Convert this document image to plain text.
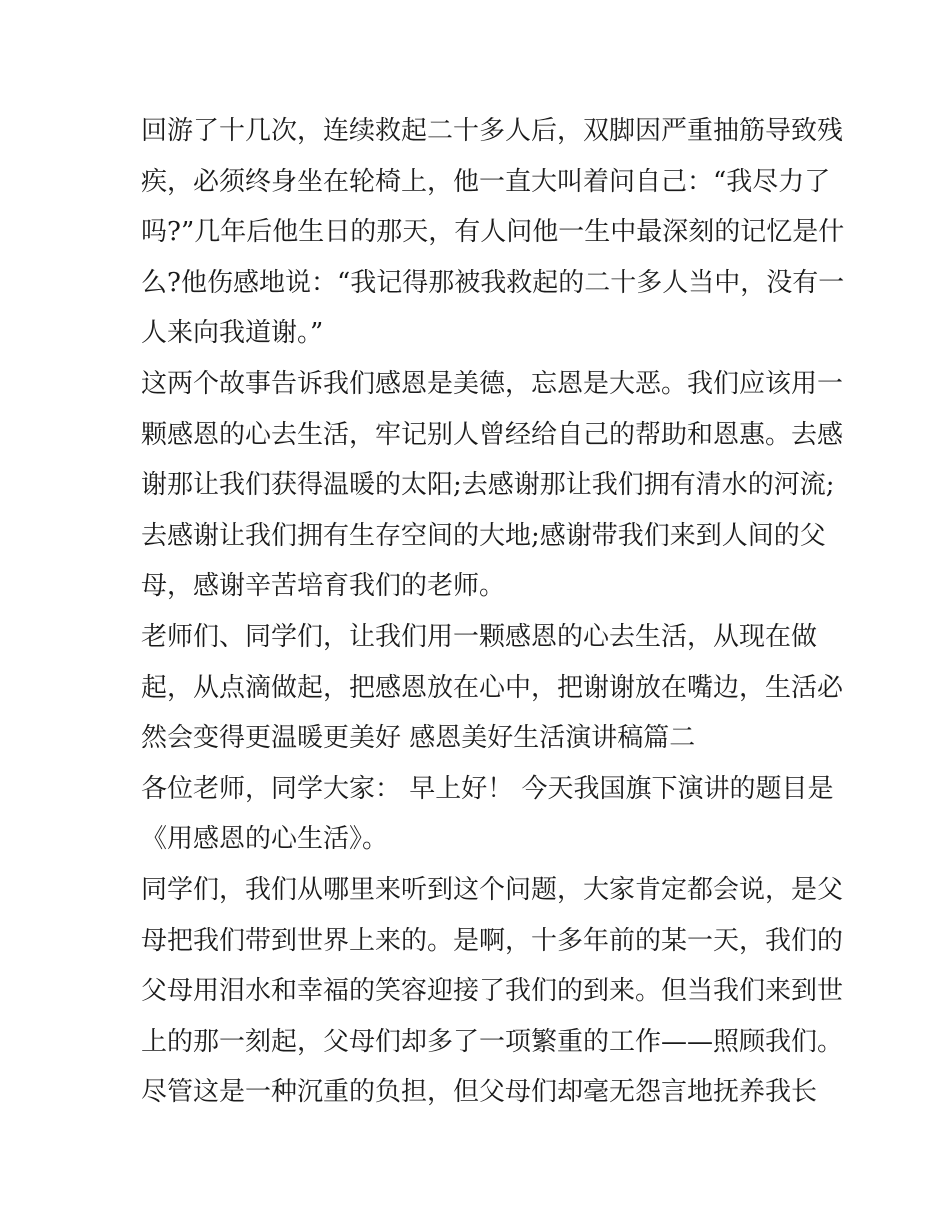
回游了十几次，连续救起二十多人后，双脚因严重抽筋导致残
疾，必须终身坐在轮椅上，他一直大叫着问自己：“我尽力了
吗?”几年后他生日的那天，有人问他一生中最深刻的记忆是什
么?他伤感地说：“我记得那被我救起的二十多人当中，没有一
人来向我道谢。”
这两个故事告诉我们感恩是美德，忘恩是大恶。我们应该用一
颗感恩的心去生活，牢记别人曾经给自己的帮助和恩惠。去感
谢那让我们获得温暖的太阳;去感谢那让我们拥有清水的河流;
去感谢让我们拥有生存空间的大地;感谢带我们来到人间的父
母，感谢辛苦培育我们的老师。
老师们、同学们，让我们用一颗感恩的心去生活，从现在做
起，从点滴做起，把感恩放在心中，把谢谢放在嘴边，生活必
然会变得更温暖更美好 感恩美好生活演讲稿篇二
各位老师，同学大家： 早上好！ 今天我国旗下演讲的题目是
《用感恩的心生活》。
同学们，我们从哪里来听到这个问题，大家肯定都会说，是父
母把我们带到世界上来的。是啊，十多年前的某一天，我们的
父母用泪水和幸福的笑容迎接了我们的到来。但当我们来到世
上的那一刻起，父母们却多了一项繁重的工作——照顾我们。
尽管这是一种沉重的负担，但父母们却毫无怨言地抚养我长
